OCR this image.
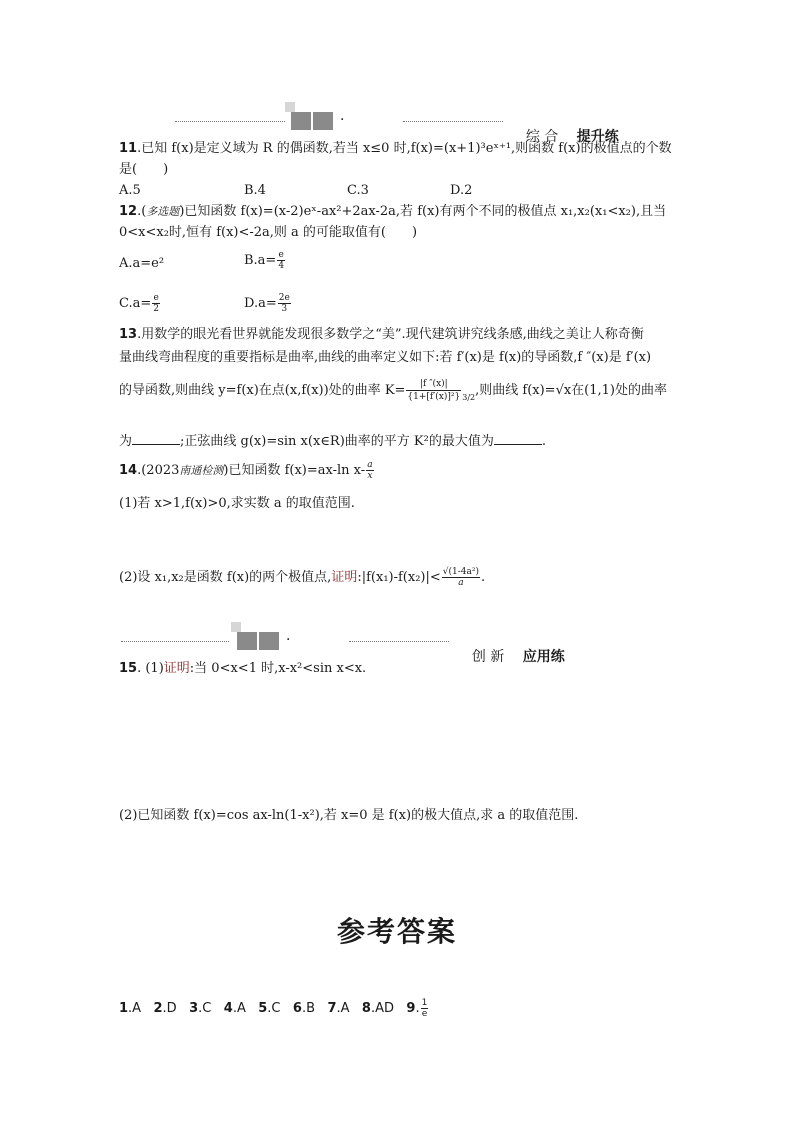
·

综 合　 提升练

11.已知 f(x)是定义域为 R 的偶函数,若当 x≤0 时,f(x)=(x+1)³eˣ⁺¹,则函数 f(x)的极值点的个数
是(　　)
A.5	B.4	C.3	D.2
12.(多选题)已知函数 f(x)=(x-2)eˣ-ax²+2ax-2a,若 f(x)有两个不同的极值点 x₁,x₂(x₁<x₂),且当
0<x<x₂时,恒有 f(x)<-2a,则 a 的可能取值有(　　)
A.a=e²	$B.a= \frac{e}{4}$
$C.a= \frac{e}{2}$	$D.a= \frac{2e}{3}$
13.用数学的眼光看世界就能发现很多数学之“美”.现代建筑讲究线条感,曲线之美让人称奇衡
量曲线弯曲程度的重要指标是曲率,曲线的曲率定义如下:若 f′(x)是 f(x)的导函数,f ″(x)是 f′(x)
的导函数,则曲线 y=f(x)在点(x,f(x))处的曲率 $K= \frac{|f ''(x)|}{\text{\{1+[f′(x)]²\}}} _{3/2}$,则曲线 f(x)=√x在(1,1)处的曲率
为	;正弦曲线 g(x)=sin x(x∈R)曲率的平方 K²的最大值为	.
14.(2023南通检测)已知函数 f(x)=ax-ln $x- \frac{a}{x}$
(1)若 x>1,f(x)>0,求实数 a 的取值范围.
(2)设 x₁,x₂是函数 f(x)的两个极值点,证明:|f(x₁)-f(x₂)|< $\frac{\text{√(1-4a²)}}{a}$ .
·

创 新　 应用练

15. (1)证明:当 0<x<1 时,x-x²<sin x<x.
(2)已知函数 f(x)=cos ax-ln(1-x²),若 x=0 是 f(x)的极大值点,求 a 的取值范围.
参考答案
1.A 2.D 3.C 4.A 5.C 6.B 7.A 8.AD 9. $\frac{1}{e}$
